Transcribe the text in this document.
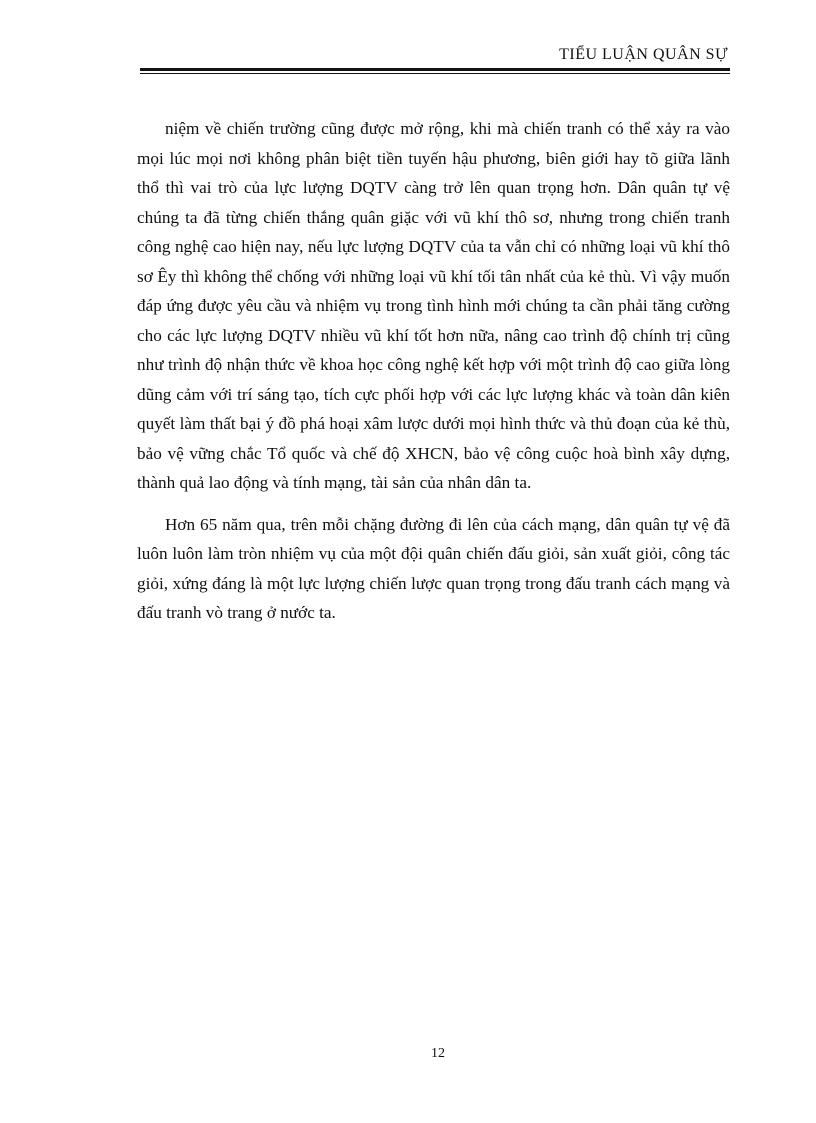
TIỂU LUẬN QUÂN SỰ

niệm về chiến trường cũng được mở rộng, khi mà chiến tranh có thể xảy ra vào mọi lúc mọi nơi không phân biệt tiền tuyến hậu phương, biên giới hay tõ giữa lãnh thổ thì vai trò của lực lượng DQTV càng trở lên quan trọng hơn. Dân quân tự vệ chúng ta đã từng chiến thắng quân giặc với vũ khí thô sơ, nhưng trong chiến tranh công nghệ cao hiện nay, nếu lực lượng DQTV của ta vẫn chỉ có những loại vũ khí thô sơ Êy thì không thể chống với những loại vũ khí tối tân nhất của kẻ thù. Vì vậy muốn đáp ứng được yêu cầu và nhiệm vụ trong tình hình mới chúng ta cần phải tăng cường cho các lực lượng DQTV nhiều vũ khí tốt hơn nữa, nâng cao trình độ chính trị cũng như trình độ nhận thức về khoa học công nghệ kết hợp với một trình độ cao giữa lòng dũng cảm với trí sáng tạo, tích cực phối hợp với các lực lượng khác và toàn dân kiên quyết làm thất bại ý đồ phá hoại xâm lược dưới mọi hình thức và thủ đoạn của kẻ thù, bảo vệ vững chắc Tổ quốc và chế độ XHCN, bảo vệ công cuộc hoà bình xây dựng, thành quả lao động và tính mạng, tài sản của nhân dân ta.

Hơn 65 năm qua, trên mỗi chặng đường đi lên của cách mạng, dân quân tự vệ đã luôn luôn làm tròn nhiệm vụ của một đội quân chiến đấu giỏi, sản xuất giỏi, công tác giỏi, xứng đáng là một lực lượng chiến lược quan trọng trong đấu tranh cách mạng và đấu tranh vò trang ở nước ta.

12
